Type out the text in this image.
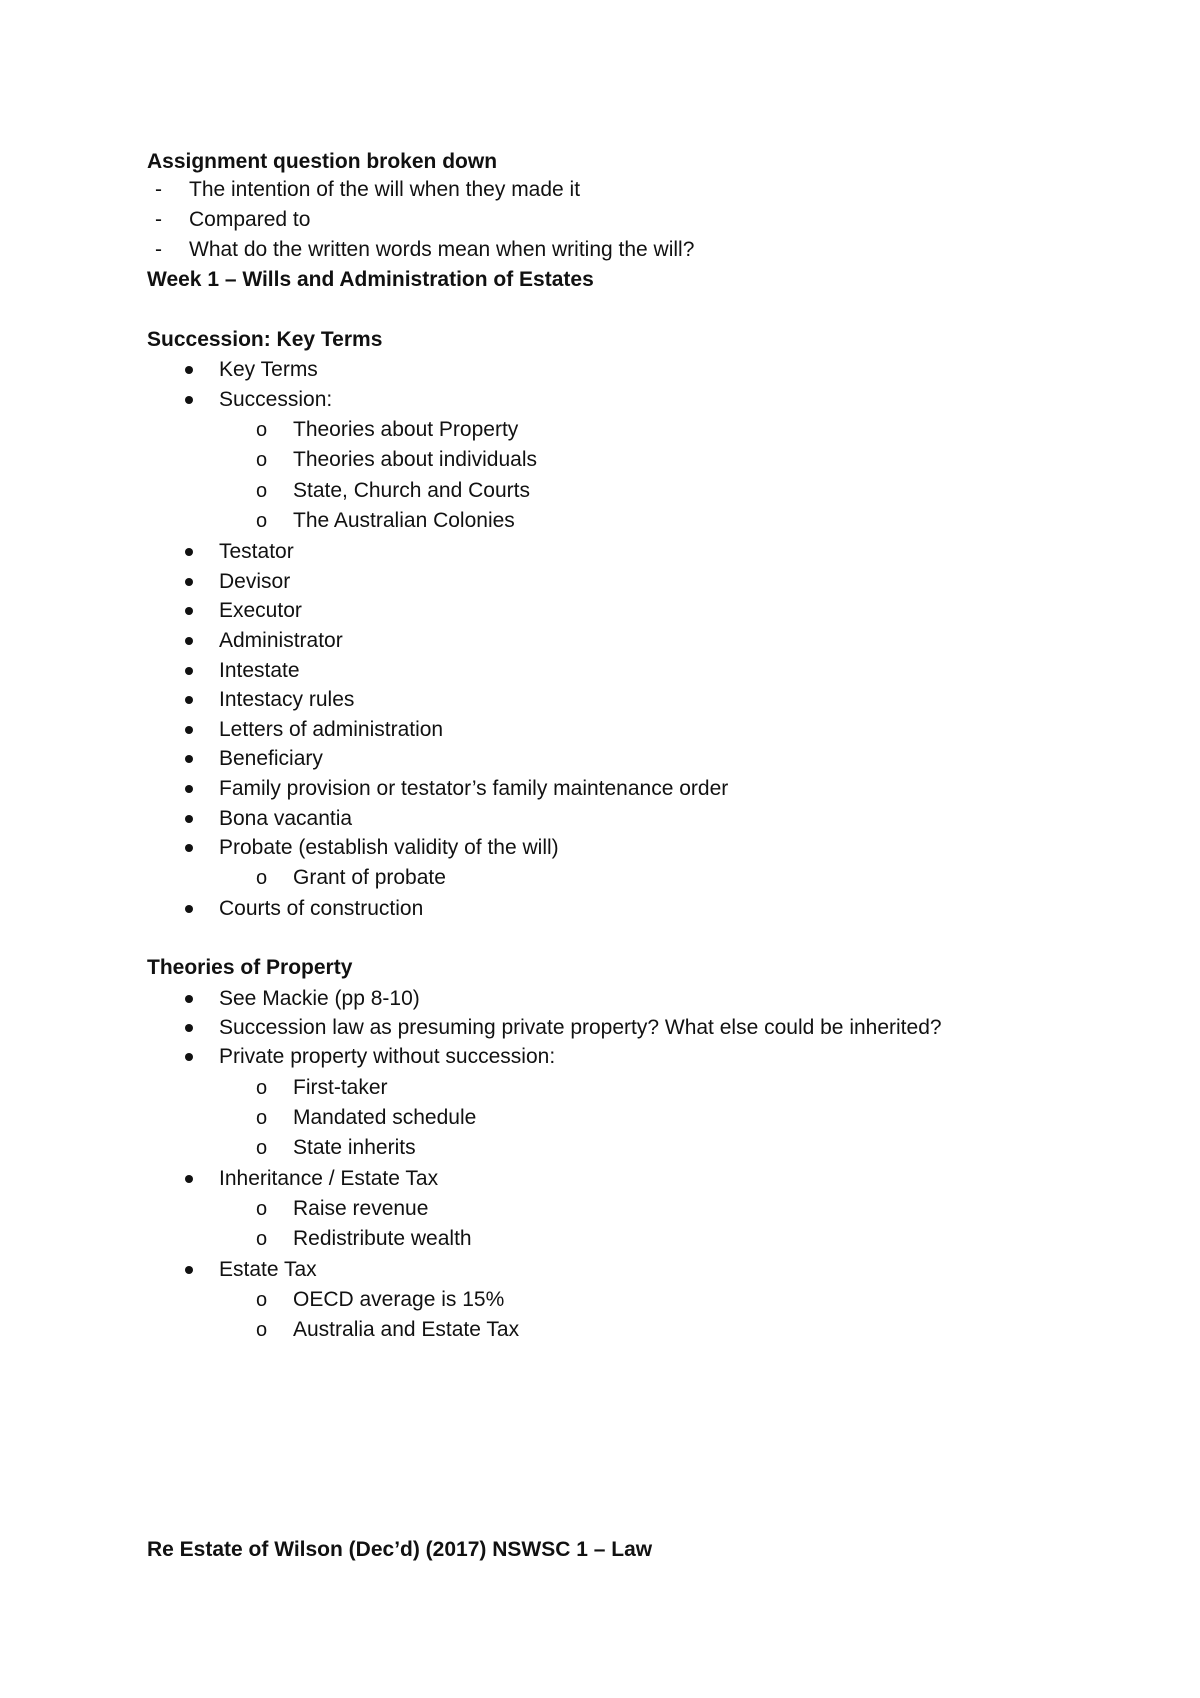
Assignment question broken down
- The intention of the will when they made it
- Compared to
- What do the written words mean when writing the will?
Week 1 – Wills and Administration of Estates
Succession: Key Terms
Key Terms
Succession:
o Theories about Property
o Theories about individuals
o State, Church and Courts
o The Australian Colonies
Testator
Devisor
Executor
Administrator
Intestate
Intestacy rules
Letters of administration
Beneficiary
Family provision or testator’s family maintenance order
Bona vacantia
Probate (establish validity of the will)
o Grant of probate
Courts of construction
Theories of Property
See Mackie (pp 8-10)
Succession law as presuming private property? What else could be inherited?
Private property without succession:
o First-taker
o Mandated schedule
o State inherits
Inheritance / Estate Tax
o Raise revenue
o Redistribute wealth
Estate Tax
o OECD average is 15%
o Australia and Estate Tax
Re Estate of Wilson (Dec’d) (2017) NSWSC 1 – Law
